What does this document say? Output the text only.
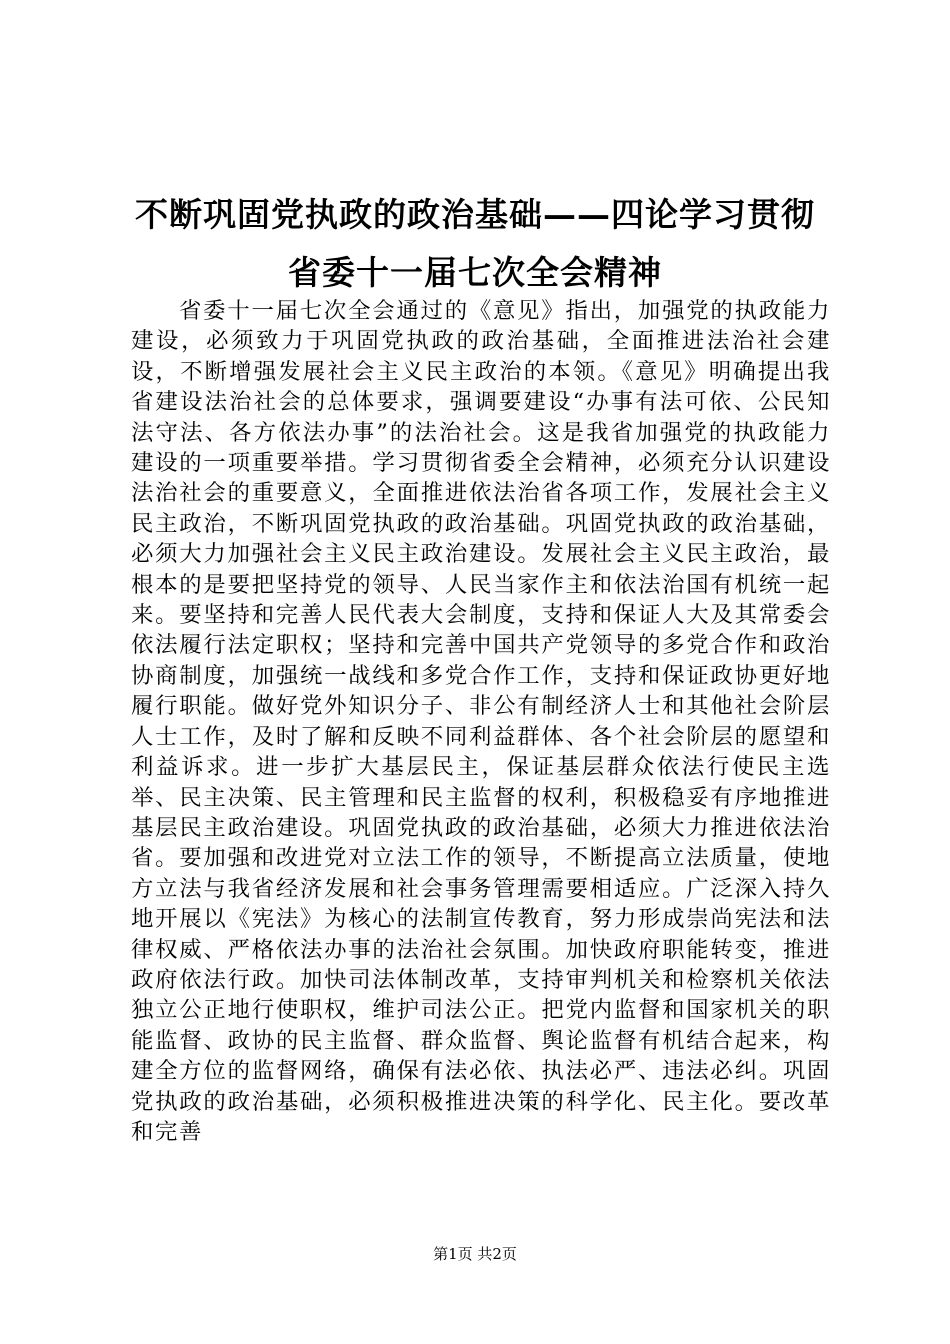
不断巩固党执政的政治基础——四论学习贯彻
省委十一届七次全会精神

省委十一届七次全会通过的《意见》指出，加强党的执政能力建设，必须致力于巩固党执政的政治基础，全面推进法治社会建设，不断增强发展社会主义民主政治的本领。《意见》明确提出我省建设法治社会的总体要求，强调要建设“办事有法可依、公民知法守法、各方依法办事”的法治社会。这是我省加强党的执政能力建设的一项重要举措。学习贯彻省委全会精神，必须充分认识建设法治社会的重要意义，全面推进依法治省各项工作，发展社会主义民主政治，不断巩固党执政的政治基础。巩固党执政的政治基础，必须大力加强社会主义民主政治建设。发展社会主义民主政治，最根本的是要把坚持党的领导、人民当家作主和依法治国有机统一起来。要坚持和完善人民代表大会制度，支持和保证人大及其常委会依法履行法定职权；坚持和完善中国共产党领导的多党合作和政治协商制度，加强统一战线和多党合作工作，支持和保证政协更好地履行职能。做好党外知识分子、非公有制经济人士和其他社会阶层人士工作，及时了解和反映不同利益群体、各个社会阶层的愿望和利益诉求。进一步扩大基层民主，保证基层群众依法行使民主选举、民主决策、民主管理和民主监督的权利，积极稳妥有序地推进基层民主政治建设。巩固党执政的政治基础，必须大力推进依法治省。要加强和改进党对立法工作的领导，不断提高立法质量，使地方立法与我省经济发展和社会事务管理需要相适应。广泛深入持久地开展以《宪法》为核心的法制宣传教育，努力形成崇尚宪法和法律权威、严格依法办事的法治社会氛围。加快政府职能转变，推进政府依法行政。加快司法体制改革，支持审判机关和检察机关依法独立公正地行使职权，维护司法公正。把党内监督和国家机关的职能监督、政协的民主监督、群众监督、舆论监督有机结合起来，构建全方位的监督网络，确保有法必依、执法必严、违法必纠。巩固党执政的政治基础，必须积极推进决策的科学化、民主化。要改革和完善

第1页 共2页
